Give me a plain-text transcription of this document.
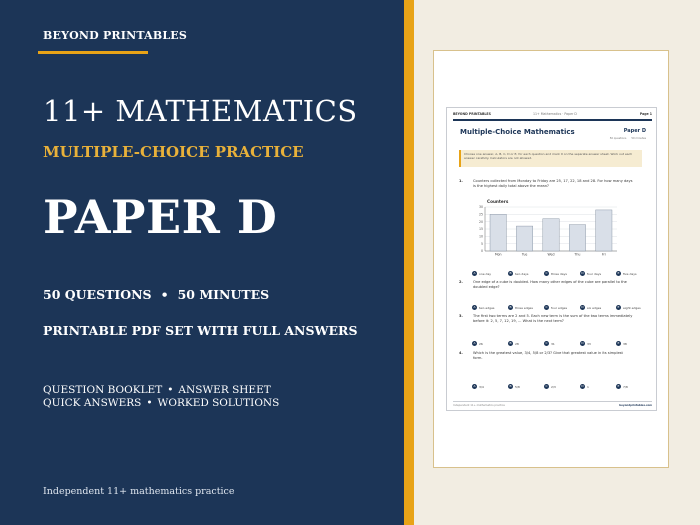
BEYOND PRINTABLES
11+ MATHEMATICS
MULTIPLE-CHOICE PRACTICE
PAPER D
50 QUESTIONS • 50 MINUTES
PRINTABLE PDF SET WITH FULL ANSWERS
QUESTION BOOKLET • ANSWER SHEET
QUICK ANSWERS • WORKED SOLUTIONS
Independent 11+ mathematics practice
BEYOND PRINTABLES	11+ Mathematics · Paper D	Page 1
Multiple-Choice Mathematics	Paper D
50 questions 50 minutes
Choose one answer, A, B, C, D or E, for each question and mark it on the separate answer sheet. Work out each answer carefully. Calculators are not allowed.
1.	Counters collected from Monday to Friday are 25, 17, 22, 18 and 28. For how many days is the highest daily total above the mean?
Counters
0
5
10
15
20
25
30
Mon	Tue	Wed	Thu	Fri
A one day	B two days	C three days	D four days	E five days
2.	One edge of a cube is doubled. How many other edges of the cube are parallel to the doubled edge?
A two edges	B three edges	C four edges	D six edges	E eight edges
3.	The first two terms are 2 and 5. Each new term is the sum of the two terms immediately before it: 2, 5, 7, 12, 19, … What is the next term?
A 26	B 28	C 31	D 33	E 38
4.	Which is the greatest value, 3/4, 5/8 or 2/3? Give that greatest value in its simplest form.
A 3/4	B 5/8	C 2/3	D 1	E 7/8
Independent 11+ mathematics practice	beyondprintables.com
